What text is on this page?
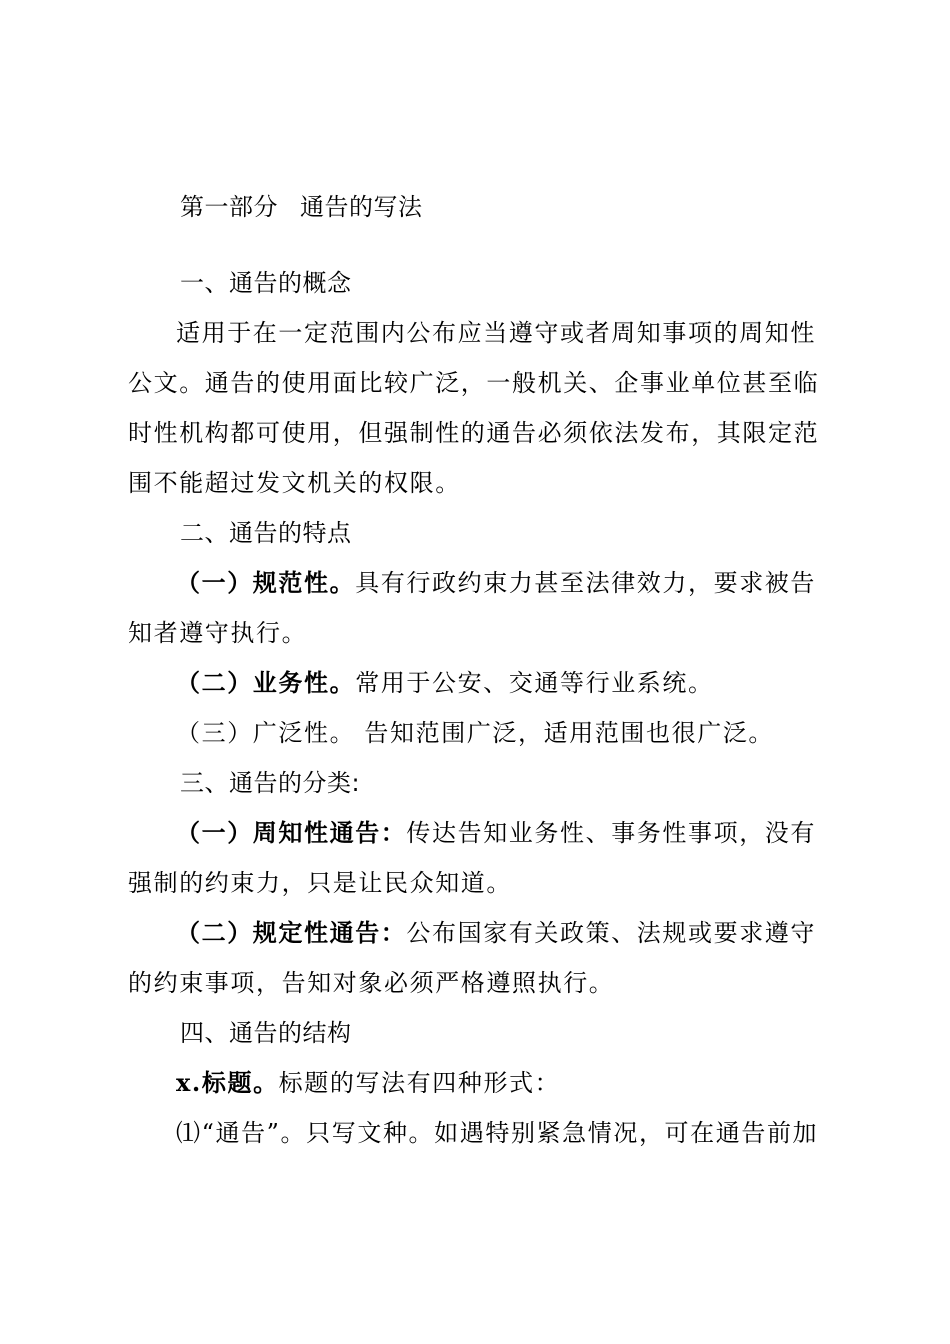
第一部分 通告的写法
一、通告的概念
适用于在一定范围内公布应当遵守或者周知事项的周知性
公文。通告的使用面比较广泛，一般机关、企事业单位甚至临
时性机构都可使用，但强制性的通告必须依法发布，其限定范
围不能超过发文机关的权限。
二、通告的特点
（一）规范性。具有行政约束力甚至法律效力，要求被告
知者遵守执行。
（二）业务性。常用于公安、交通等行业系统。
（三）广泛性。 告知范围广泛，适用范围也很广泛。
三、通告的分类:
（一）周知性通告：传达告知业务性、事务性事项，没有
强制的约束力，只是让民众知道。
（二）规定性通告：公布国家有关政策、法规或要求遵守
的约束事项，告知对象必须严格遵照执行。
四、通告的结构
x.标题。标题的写法有四种形式：
⑴“通告”。只写文种。如遇特别紧急情况，可在通告前加
